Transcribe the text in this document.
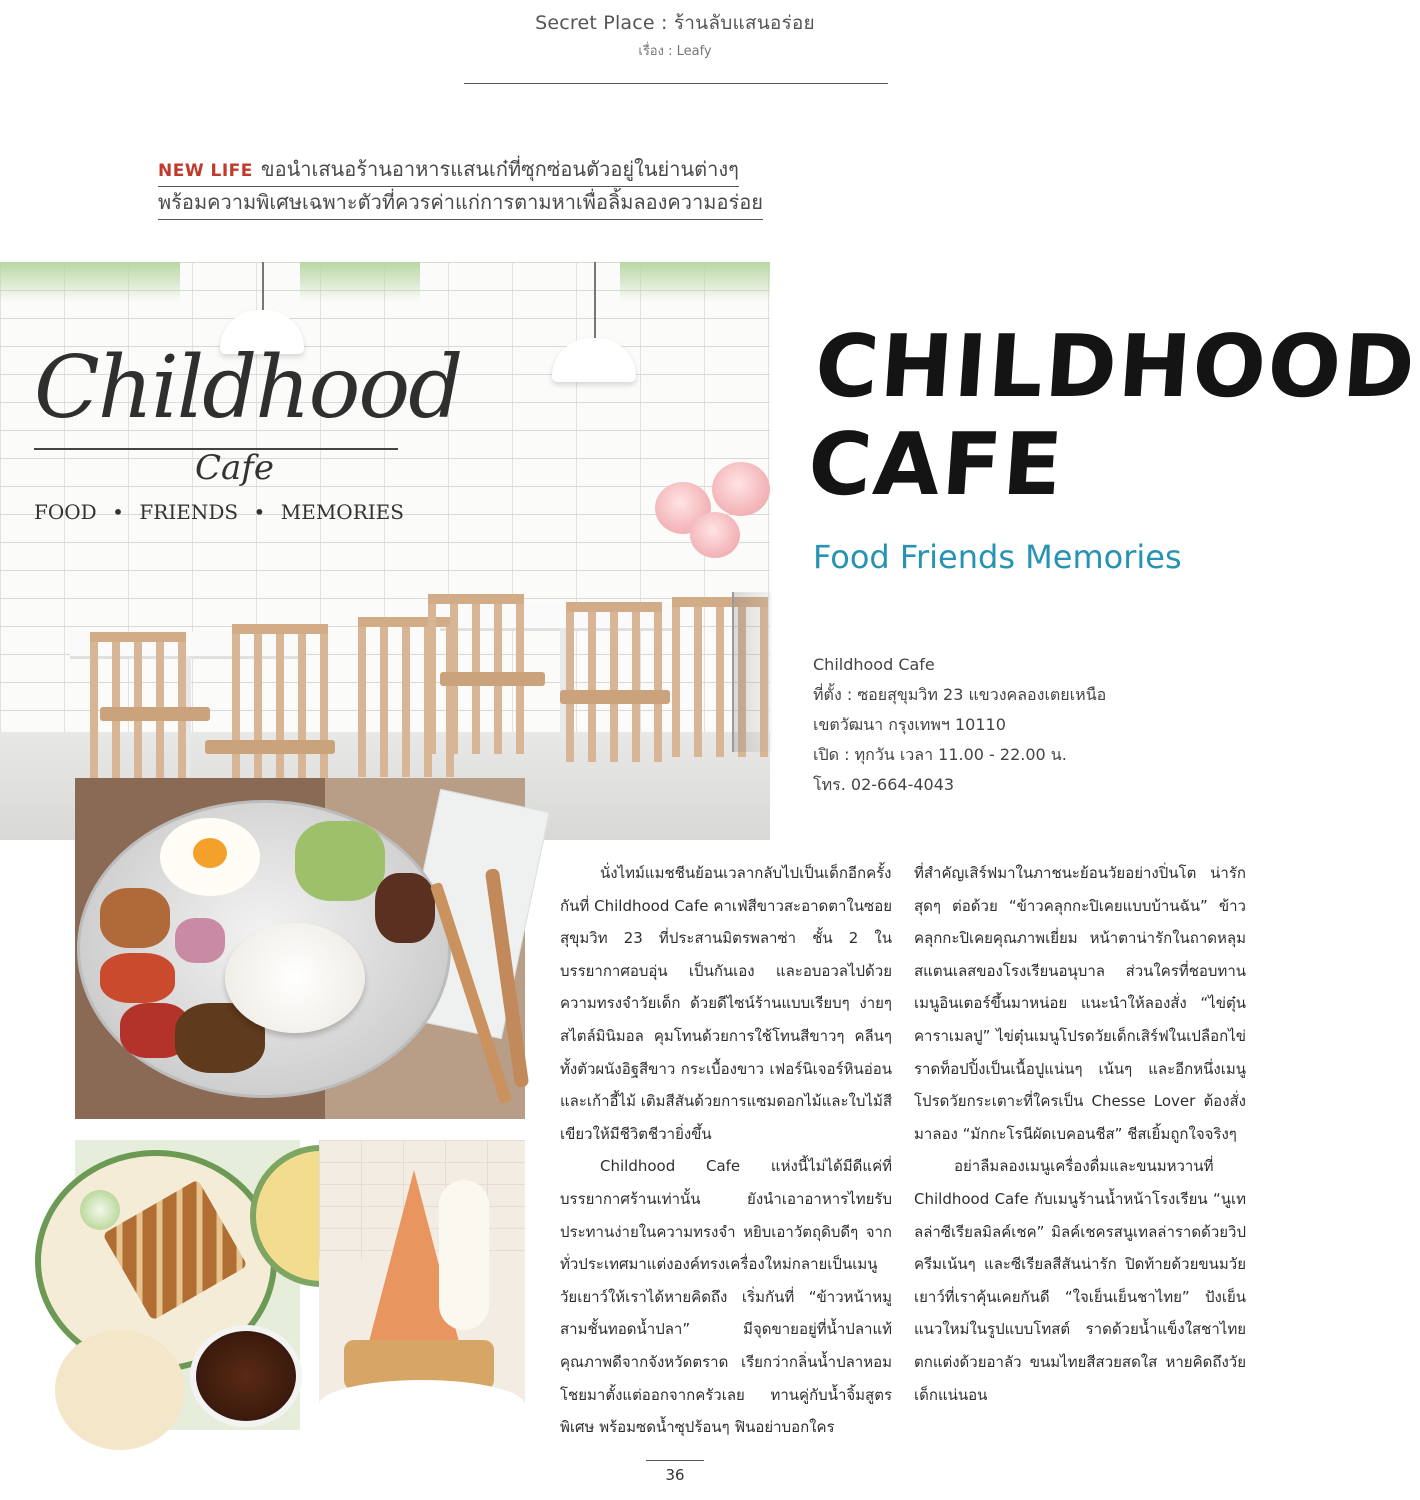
Secret Place : ร้านลับแสนอร่อย
เรื่อง : Leafy
NEW LIFE ขอนำเสนอร้านอาหารแสนเก๋ที่ซุกซ่อนตัวอยู่ในย่านต่างๆ
พร้อมความพิเศษเฉพาะตัวที่ควรค่าแก่การตามหาเพื่อลิ้มลองความอร่อย
Childhood
Cafe
FOOD • FRIENDS • MEMORIES
CHILDHOOD
CAFE
Food Friends Memories
Childhood Cafe
ที่ตั้ง : ซอยสุขุมวิท 23 แขวงคลองเตยเหนือ
เขตวัฒนา กรุงเทพฯ 10110
เปิด : ทุกวัน เวลา 11.00 - 22.00 น.
โทร. 02-664-4043

นั่งไทม์แมชชีนย้อนเวลากลับไปเป็นเด็กอีกครั้งกันที่ Childhood Cafe คาเฟ่สีขาวสะอาดตาในซอยสุขุมวิท 23 ที่ประสานมิตรพลาซ่า ชั้น 2 ในบรรยากาศอบอุ่น เป็นกันเอง และอบอวลไปด้วยความทรงจำวัยเด็ก ด้วยดีไซน์ร้านแบบเรียบๆ ง่ายๆ สไตล์มินิมอล คุมโทนด้วยการใช้โทนสีขาวๆ คลีนๆ ทั้งตัวผนังอิฐสีขาว กระเบื้องขาว เฟอร์นิเจอร์หินอ่อน และเก้าอี้ไม้ เติมสีสันด้วยการแซมดอกไม้และใบไม้สีเขียวให้มีชีวิตชีวายิ่งขึ้น

Childhood Cafe แห่งนี้ไม่ได้มีดีแค่ที่บรรยากาศร้านเท่านั้น ยังนำเอาอาหารไทยรับประทานง่ายในความทรงจำ หยิบเอาวัตถุดิบดีๆ จากทั่วประเทศมาแต่งองค์ทรงเครื่องใหม่กลายเป็นเมนูวัยเยาว์ให้เราได้หายคิดถึง เริ่มกันที่ “ข้าวหน้าหมูสามชั้นทอดน้ำปลา” มีจุดขายอยู่ที่น้ำปลาแท้คุณภาพดีจากจังหวัดตราด เรียกว่ากลิ่นน้ำปลาหอมโชยมาตั้งแต่ออกจากครัวเลย ทานคู่กับน้ำจิ้มสูตรพิเศษ พร้อมซดน้ำซุปร้อนๆ ฟินอย่าบอกใคร

ที่สำคัญเสิร์ฟมาในภาชนะย้อนวัยอย่างปิ่นโต น่ารักสุดๆ ต่อด้วย “ข้าวคลุกกะปิเคยแบบบ้านฉัน” ข้าวคลุกกะปิเคยคุณภาพเยี่ยม หน้าตาน่ารักในถาดหลุมสแตนเลสของโรงเรียนอนุบาล ส่วนใครที่ชอบทานเมนูอินเตอร์ขึ้นมาหน่อย แนะนำให้ลองสั่ง “ไข่ตุ๋นคาราเมลปู” ไข่ตุ๋นเมนูโปรดวัยเด็กเสิร์ฟในเปลือกไข่ราดท็อปปิ้งเป็นเนื้อปูแน่นๆ เน้นๆ และอีกหนึ่งเมนูโปรดวัยกระเตาะที่ใครเป็น Chesse Lover ต้องสั่งมาลอง “มักกะโรนีผัดเบคอนชีส” ชีสเยิ้มถูกใจจริงๆ

อย่าลืมลองเมนูเครื่องดื่มและขนมหวานที่ Childhood Cafe กับเมนูร้านน้ำหน้าโรงเรียน “นูเทลล่าซีเรียลมิลค์เชค” มิลค์เชครสนูเทลล่าราดด้วยวิปครีมเน้นๆ และซีเรียลสีสันน่ารัก ปิดท้ายด้วยขนมวัยเยาว์ที่เราคุ้นเคยกันดี “ใจเย็นเย็นชาไทย” ปังเย็นแนวใหม่ในรูปแบบโทสต์ ราดด้วยน้ำแข็งใสชาไทยตกแต่งด้วยอาลัว ขนมไทยสีสวยสดใส หายคิดถึงวัยเด็กแน่นอน

36
